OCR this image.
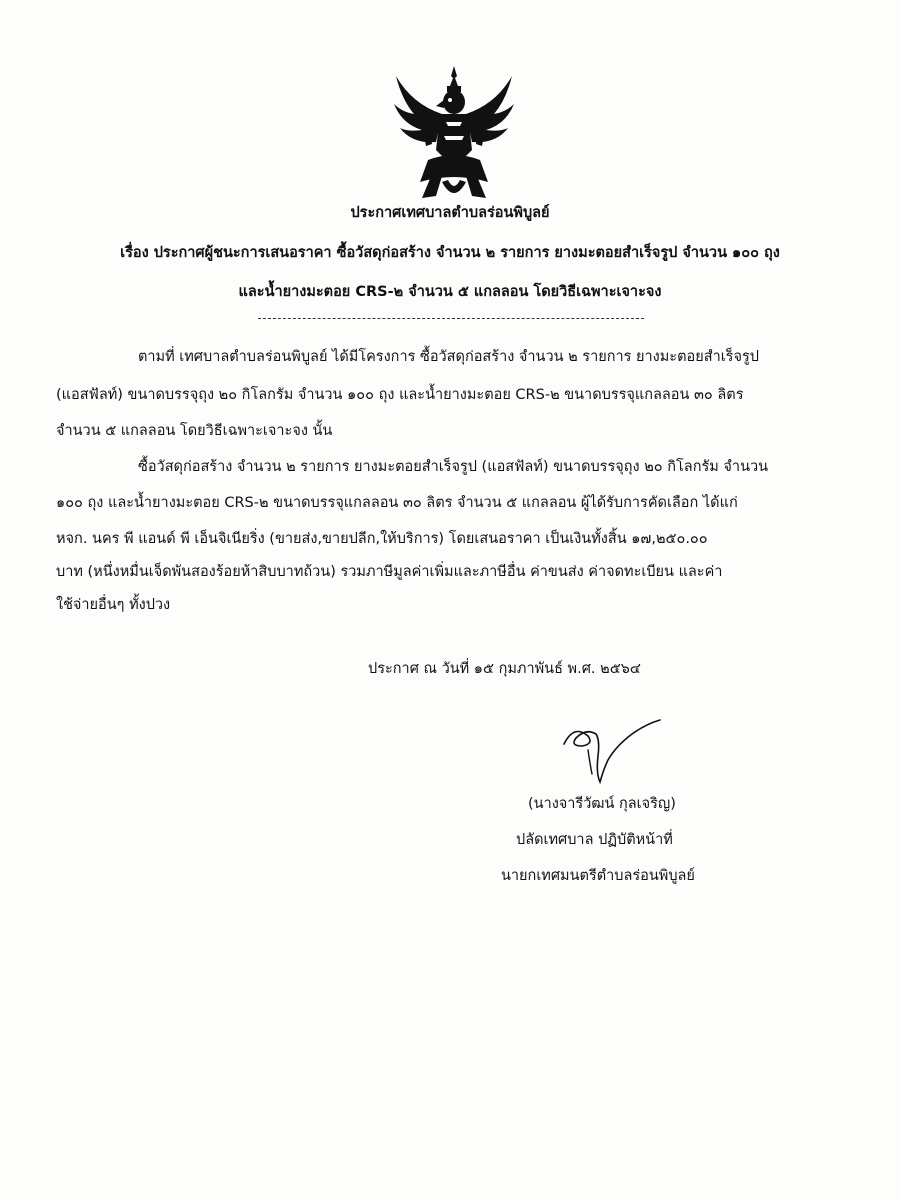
ประกาศเทศบาลตำบลร่อนพิบูลย์

เรื่อง ประกาศผู้ชนะการเสนอราคา ซื้อวัสดุก่อสร้าง จำนวน ๒ รายการ ยางมะตอยสำเร็จรูป จำนวน ๑๐๐ ถุง

และน้ำยางมะตอย CRS-๒ จำนวน ๕ แกลลอน โดยวิธีเฉพาะเจาะจง

ตามที่ เทศบาลตำบลร่อนพิบูลย์ ได้มีโครงการ ซื้อวัสดุก่อสร้าง จำนวน ๒ รายการ ยางมะตอยสำเร็จรูป

(แอสฟัลท์) ขนาดบรรจุถุง ๒๐ กิโลกรัม จำนวน ๑๐๐ ถุง และน้ำยางมะตอย CRS-๒ ขนาดบรรจุแกลลอน ๓๐ ลิตร

จำนวน ๕ แกลลอน โดยวิธีเฉพาะเจาะจง นั้น

ซื้อวัสดุก่อสร้าง จำนวน ๒ รายการ ยางมะตอยสำเร็จรูป (แอสฟัลท์) ขนาดบรรจุถุง ๒๐ กิโลกรัม จำนวน

๑๐๐ ถุง และน้ำยางมะตอย CRS-๒ ขนาดบรรจุแกลลอน ๓๐ ลิตร จำนวน ๕ แกลลอน ผู้ได้รับการคัดเลือก ได้แก่

หจก. นคร พี แอนด์ พี เอ็นจิเนียริ่ง (ขายส่ง,ขายปลีก,ให้บริการ) โดยเสนอราคา เป็นเงินทั้งสิ้น ๑๗,๒๕๐.๐๐

บาท (หนึ่งหมื่นเจ็ดพันสองร้อยห้าสิบบาทถ้วน) รวมภาษีมูลค่าเพิ่มและภาษีอื่น ค่าขนส่ง ค่าจดทะเบียน และค่า

ใช้จ่ายอื่นๆ ทั้งปวง

ประกาศ ณ วันที่ ๑๕ กุมภาพันธ์ พ.ศ. ๒๕๖๔

(นางจารีวัฒน์ กุลเจริญ)

ปลัดเทศบาล ปฏิบัติหน้าที่

นายกเทศมนตรีตำบลร่อนพิบูลย์
